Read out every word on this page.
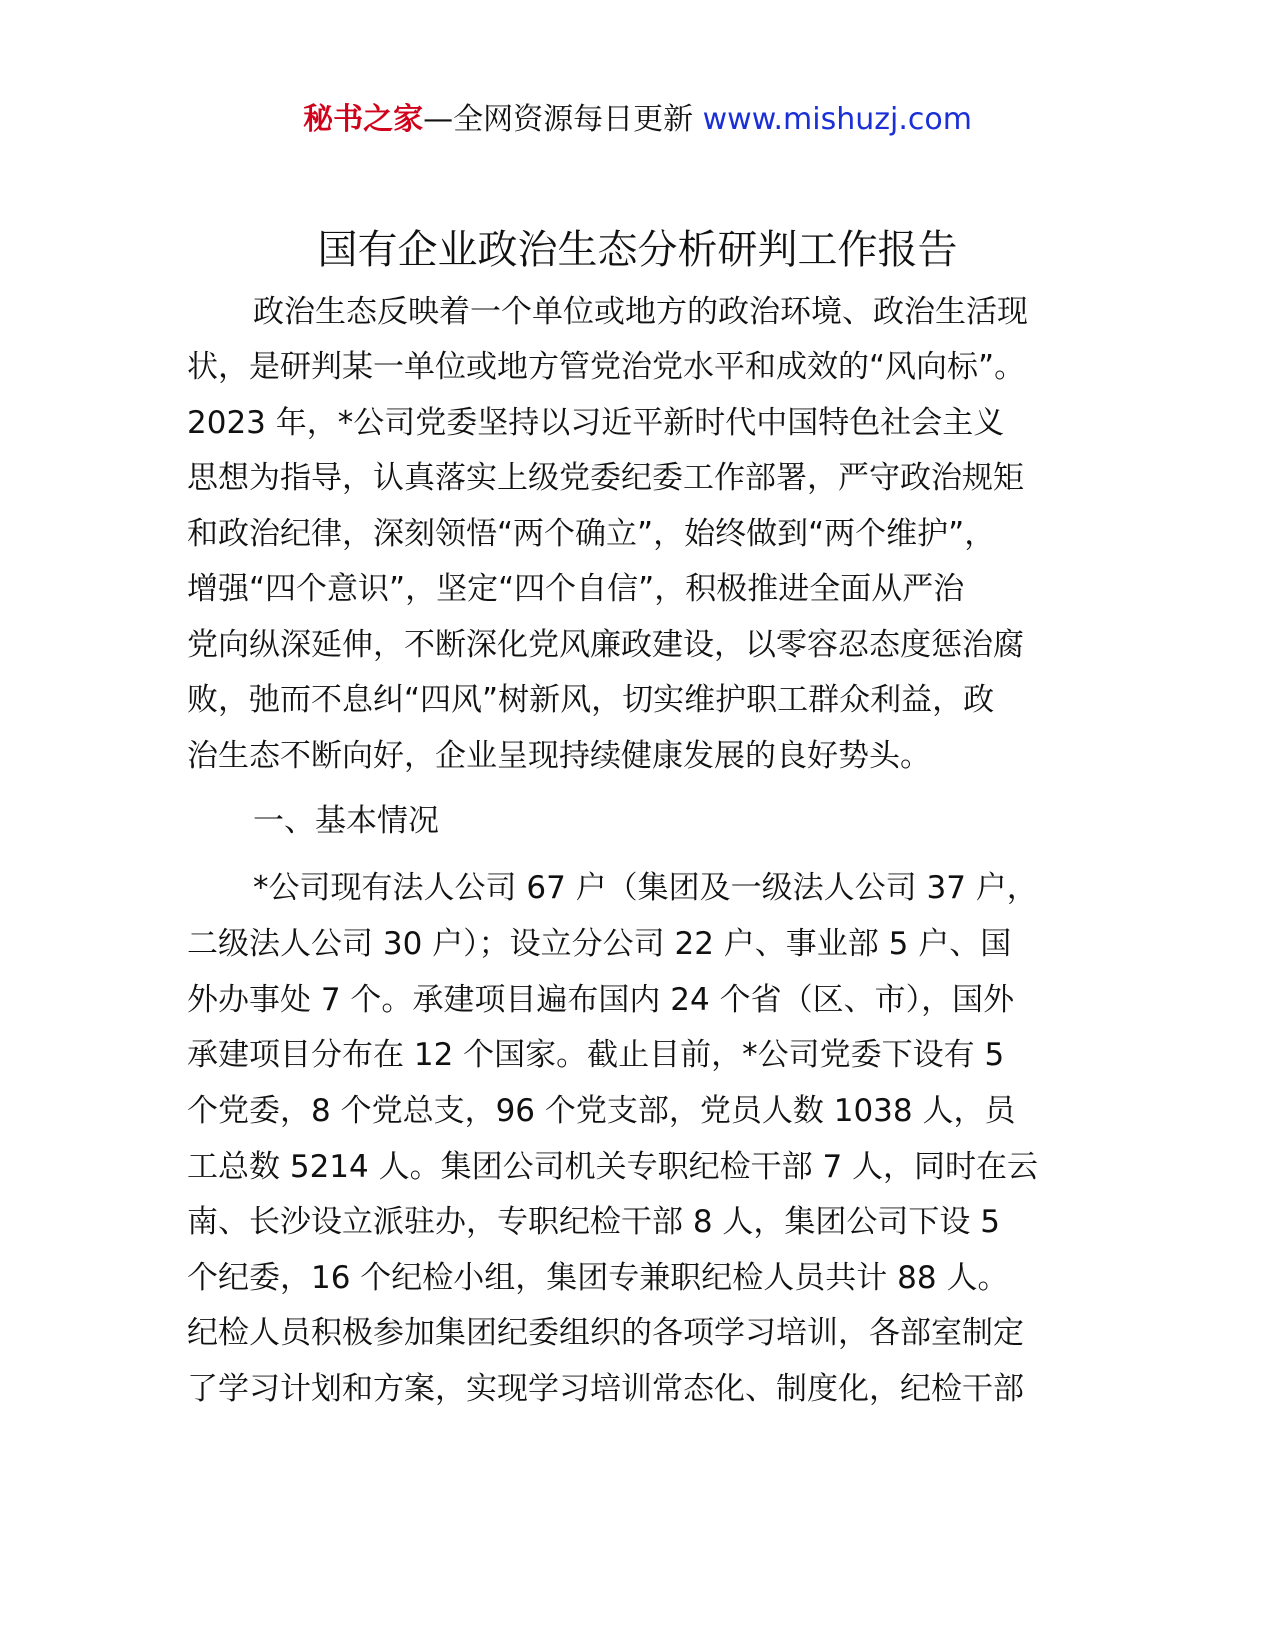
秘书之家—全网资源每日更新 www.mishuzj.com
国有企业政治生态分析研判工作报告
政治生态反映着一个单位或地方的政治环境、政治生活现
状，是研判某一单位或地方管党治党水平和成效的“风向标”。
2023 年，*公司党委坚持以习近平新时代中国特色社会主义
思想为指导，认真落实上级党委纪委工作部署，严守政治规矩
和政治纪律，深刻领悟“两个确立”，始终做到“两个维护”，
增强“四个意识”，坚定“四个自信”，积极推进全面从严治
党向纵深延伸，不断深化党风廉政建设，以零容忍态度惩治腐
败，弛而不息纠“四风”树新风，切实维护职工群众利益，政
治生态不断向好，企业呈现持续健康发展的良好势头。
一、基本情况
*公司现有法人公司 67 户（集团及一级法人公司 37 户，
二级法人公司 30 户）；设立分公司 22 户、事业部 5 户、国
外办事处 7 个。承建项目遍布国内 24 个省（区、市），国外
承建项目分布在 12 个国家。截止目前，*公司党委下设有 5
个党委，8 个党总支，96 个党支部，党员人数 1038 人，员
工总数 5214 人。集团公司机关专职纪检干部 7 人，同时在云
南、长沙设立派驻办，专职纪检干部 8 人，集团公司下设 5
个纪委，16 个纪检小组，集团专兼职纪检人员共计 88 人。
纪检人员积极参加集团纪委组织的各项学习培训，各部室制定
了学习计划和方案，实现学习培训常态化、制度化，纪检干部
